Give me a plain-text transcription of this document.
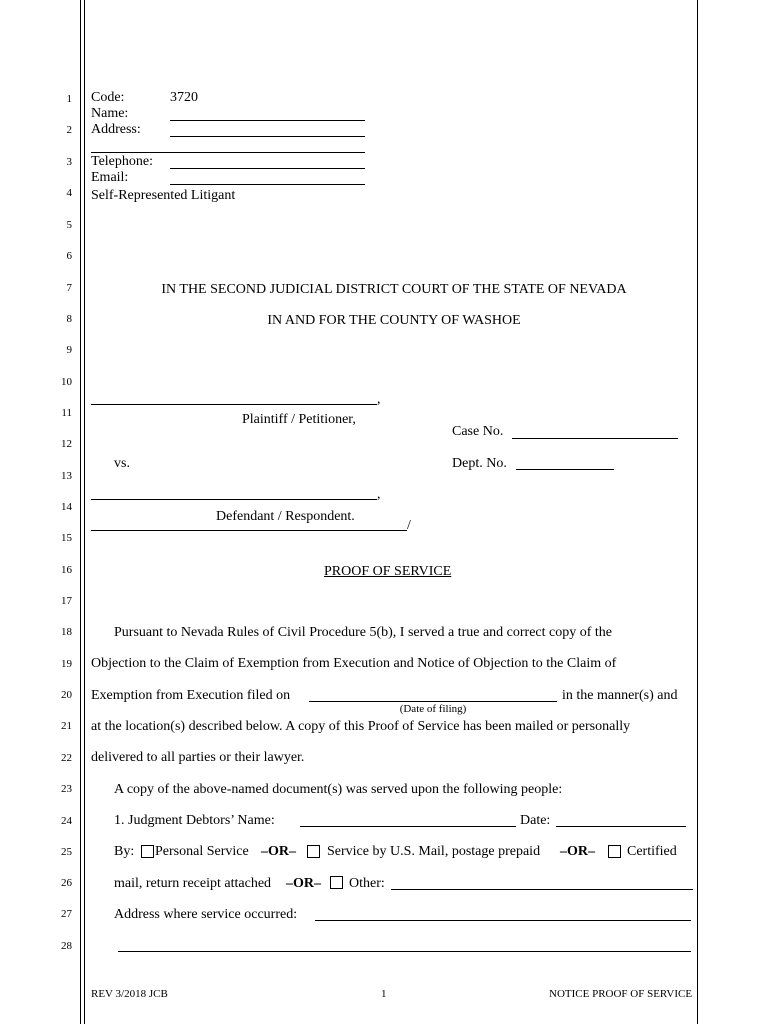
1
2
3
4
5
6
7
8
9
10
11
12
13
14
15
16
17
18
19
20
21
22
23
24
25
26
27
28
Code:	3720
Name:
Address:
Telephone:
Email:
Self-Represented Litigant
IN THE SECOND JUDICIAL DISTRICT COURT OF THE STATE OF NEVADA
IN AND FOR THE COUNTY OF WASHOE
,
Plaintiff / Petitioner,
Case No.
vs.	Dept. No.
,
Defendant / Respondent.
/
PROOF OF SERVICE
Pursuant to Nevada Rules of Civil Procedure 5(b), I served a true and correct copy of the
Objection to the Claim of Exemption from Execution and Notice of Objection to the Claim of
Exemption from Execution filed on	in the manner(s) and
(Date of filing)
at the location(s) described below. A copy of this Proof of Service has been mailed or personally
delivered to all parties or their lawyer.
A copy of the above-named document(s) was served upon the following people:
1. Judgment Debtors’ Name:	Date:
By: Personal Service –OR– Service by U.S. Mail, postage prepaid –OR– Certified
mail, return receipt attached –OR– Other:
Address where service occurred:
REV 3/2018 JCB	1	NOTICE PROOF OF SERVICE
